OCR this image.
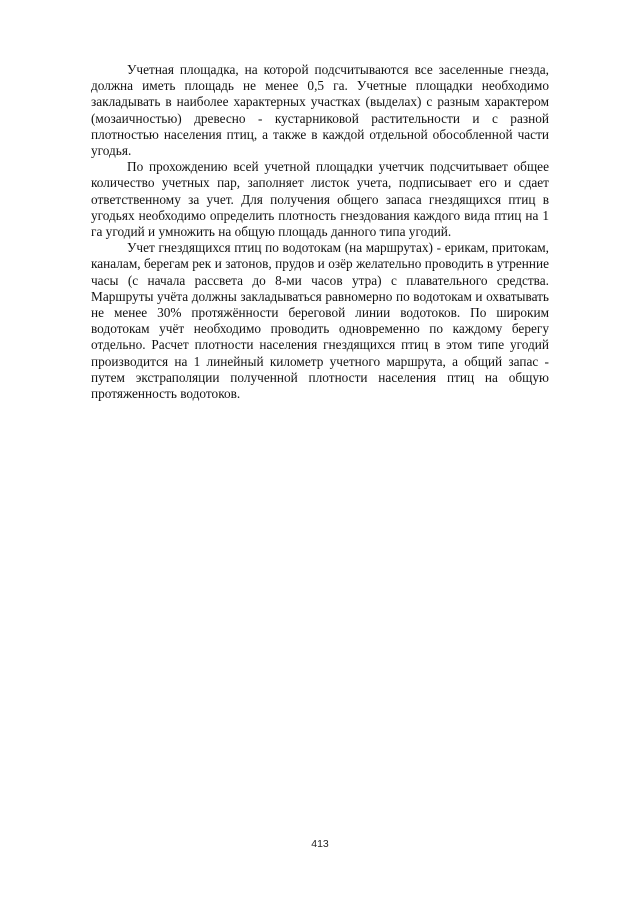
Учетная площадка, на которой подсчитываются все заселенные гнезда, должна иметь площадь не менее 0,5 га. Учетные площадки необходимо закладывать в наиболее характерных участках (выделах) с разным характером (мозаичностью) древесно - кустарниковой растительности и с разной плотностью населения птиц, а также в каждой отдельной обособленной части угодья.

По прохождению всей учетной площадки учетчик подсчитывает общее количество учетных пар, заполняет листок учета, подписывает его и сдает ответственному за учет. Для получения общего запаса гнездящихся птиц в угодьях необходимо определить плотность гнездования каждого вида птиц на 1 га угодий и умножить на общую площадь данного типа угодий.

Учет гнездящихся птиц по водотокам (на маршрутах) - ерикам, притокам, каналам, берегам рек и затонов, прудов и озёр желательно проводить в утренние часы (с начала рассвета до 8-ми часов утра) с плавательного средства. Маршруты учёта должны закладываться равномерно по водотокам и охватывать не менее 30% протяжённости береговой линии водотоков. По широким водотокам учёт необходимо проводить одновременно по каждому берегу отдельно. Расчет плотности населения гнездящихся птиц в этом типе угодий производится на 1 линейный километр учетного маршрута, а общий запас - путем экстраполяции полученной плотности населения птиц на общую протяженность водотоков.

413
